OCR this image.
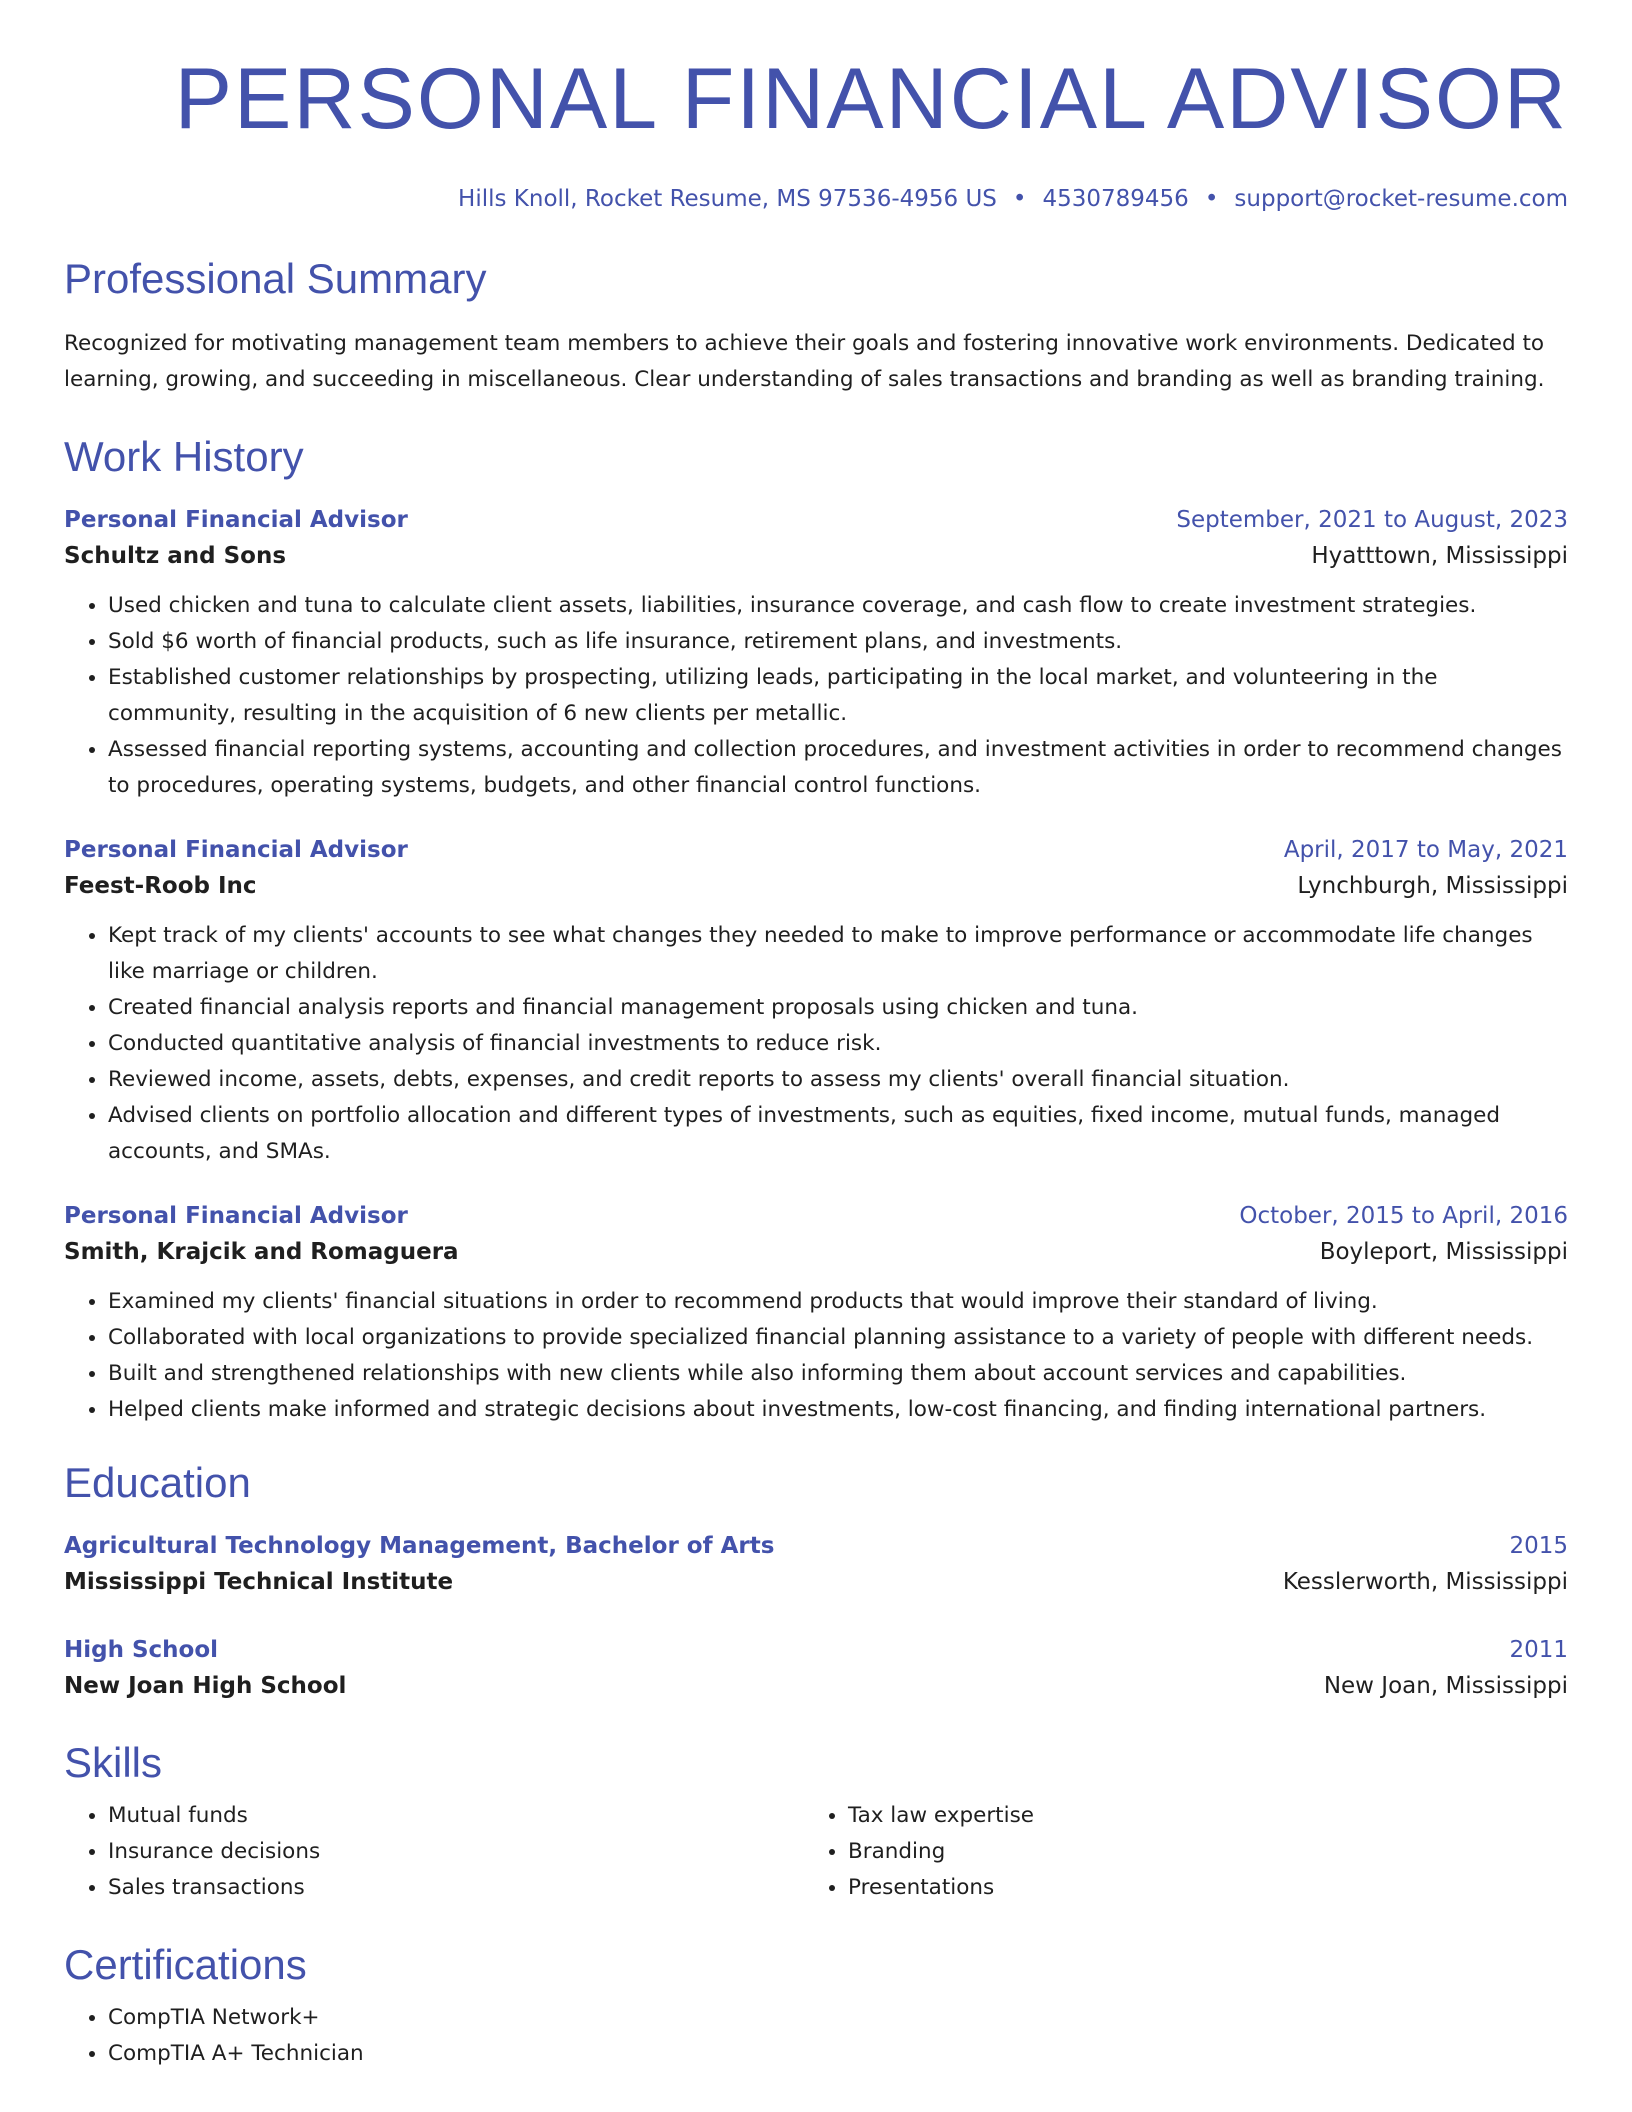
PERSONAL FINANCIAL ADVISOR
Hills Knoll, Rocket Resume, MS 97536-4956 US • 4530789456 • support@rocket-resume.com
Professional Summary

Recognized for motivating management team members to achieve their goals and fostering innovative work environments. Dedicated to learning, growing, and succeeding in miscellaneous. Clear understanding of sales transactions and branding as well as branding training.

Work History
Personal Financial Advisor	September, 2021 to August, 2023
Schultz and Sons	Hyatttown, Mississippi
• Used chicken and tuna to calculate client assets, liabilities, insurance coverage, and cash flow to create investment strategies.
• Sold $6 worth of financial products, such as life insurance, retirement plans, and investments.
• Established customer relationships by prospecting, utilizing leads, participating in the local market, and volunteering in the community, resulting in the acquisition of 6 new clients per metallic.
• Assessed financial reporting systems, accounting and collection procedures, and investment activities in order to recommend changes to procedures, operating systems, budgets, and other financial control functions.
Personal Financial Advisor	April, 2017 to May, 2021
Feest-Roob Inc	Lynchburgh, Mississippi
• Kept track of my clients' accounts to see what changes they needed to make to improve performance or accommodate life changes like marriage or children.
• Created financial analysis reports and financial management proposals using chicken and tuna.
• Conducted quantitative analysis of financial investments to reduce risk.
• Reviewed income, assets, debts, expenses, and credit reports to assess my clients' overall financial situation.
• Advised clients on portfolio allocation and different types of investments, such as equities, fixed income, mutual funds, managed accounts, and SMAs.
Personal Financial Advisor	October, 2015 to April, 2016
Smith, Krajcik and Romaguera	Boyleport, Mississippi
• Examined my clients' financial situations in order to recommend products that would improve their standard of living.
• Collaborated with local organizations to provide specialized financial planning assistance to a variety of people with different needs.
• Built and strengthened relationships with new clients while also informing them about account services and capabilities.
• Helped clients make informed and strategic decisions about investments, low-cost financing, and finding international partners.
Education
Agricultural Technology Management, Bachelor of Arts	2015
Mississippi Technical Institute	Kesslerworth, Mississippi
High School	2011
New Joan High School	New Joan, Mississippi
Skills
• Mutual funds
• Insurance decisions
• Sales transactions
• Tax law expertise
• Branding
• Presentations
Certifications
• CompTIA Network+
• CompTIA A+ Technician
